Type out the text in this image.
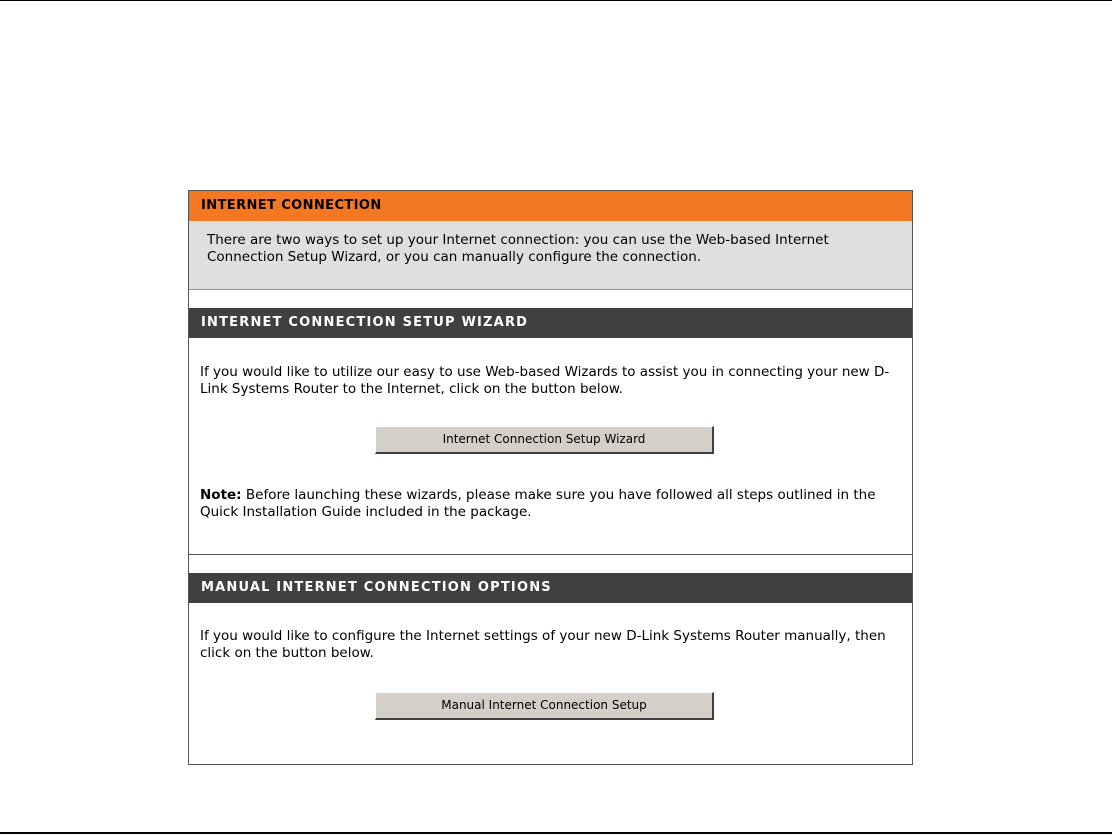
INTERNET CONNECTION
There are two ways to set up your Internet connection: you can use the Web-based Internet Connection Setup Wizard, or you can manually configure the connection.
INTERNET CONNECTION SETUP WIZARD
If you would like to utilize our easy to use Web-based Wizards to assist you in connecting your new D-Link Systems Router to the Internet, click on the button below.
Internet Connection Setup Wizard
Note: Before launching these wizards, please make sure you have followed all steps outlined in the Quick Installation Guide included in the package.
MANUAL INTERNET CONNECTION OPTIONS
If you would like to configure the Internet settings of your new D-Link Systems Router manually, then click on the button below.
Manual Internet Connection Setup
